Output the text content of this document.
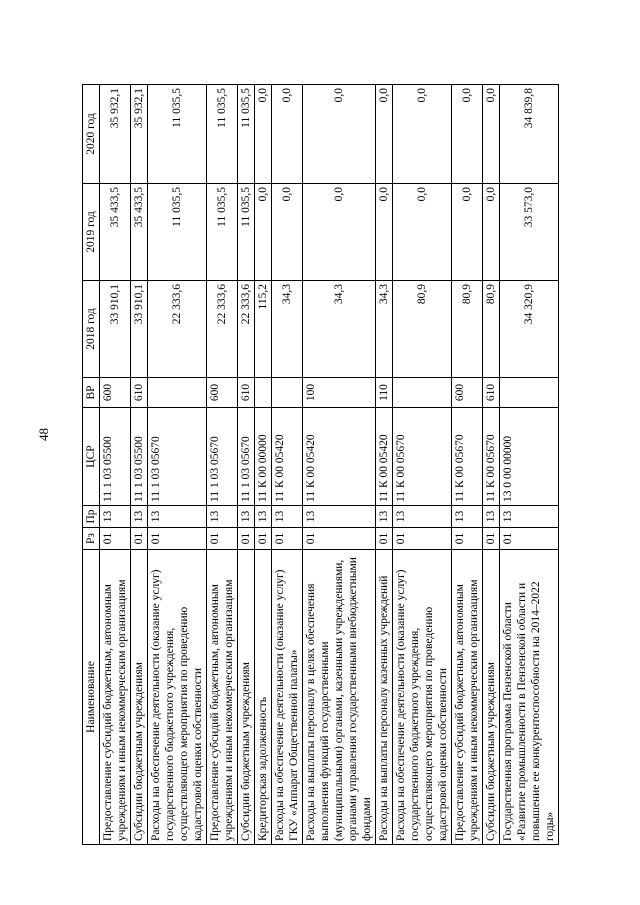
48
Наименование	Рз	Пр	ЦСР	ВР	2018 год	2019 год	2020 год
Предоставление субсидий бюджетным, автономным учреждениям и иным некоммерческим организациям	01	13	11 1 03 05500	600	33 910,1	35 433,5	35 932,1
Субсидии бюджетным учреждениям	01	13	11 1 03 05500	610	33 910,1	35 433,5	35 932,1
Расходы на обеспечение деятельности (оказание услуг) государственного бюджетного учреждения, осуществляющего мероприятия по проведению кадастровой оценки собственности	01	13	11 1 03 05670		22 333,6	11 035,5	11 035,5
Предоставление субсидий бюджетным, автономным учреждениям и иным некоммерческим организациям	01	13	11 1 03 05670	600	22 333,6	11 035,5	11 035,5
Субсидии бюджетным учреждениям	01	13	11 1 03 05670	610	22 333,6	11 035,5	11 035,5
Кредиторская задолженность	01	13	11 К 00 00000		115,2	0,0	0,0
Расходы на обеспечение деятельности (оказание услуг) ГКУ «Аппарат Общественной палаты»	01	13	11 К 00 05420		34,3	0,0	0,0
Расходы на выплаты персоналу в целях обеспечения выполнения функций государственными (муниципальными) органами, казенными учреждениями, органами управления государственными внебюджетными фондами	01	13	11 К 00 05420	100	34,3	0,0	0,0
Расходы на выплаты персоналу казенных учреждений	01	13	11 К 00 05420	110	34,3	0,0	0,0
Расходы на обеспечение деятельности (оказание услуг) государственного бюджетного учреждения, осуществляющего мероприятия по проведению кадастровой оценки собственности	01	13	11 К 00 05670		80,9	0,0	0,0
Предоставление субсидий бюджетным, автономным учреждениям и иным некоммерческим организациям	01	13	11 К 00 05670	600	80,9	0,0	0,0
Субсидии бюджетным учреждениям	01	13	11 К 00 05670	610	80,9	0,0	0,0
Государственная программа Пензенской области «Развитие промышленности в Пензенской области и повышение ее конкурентоспособности на 2014–2022 годы»	01	13	13 0 00 00000		34 320,9	33 573,0	34 839,8
